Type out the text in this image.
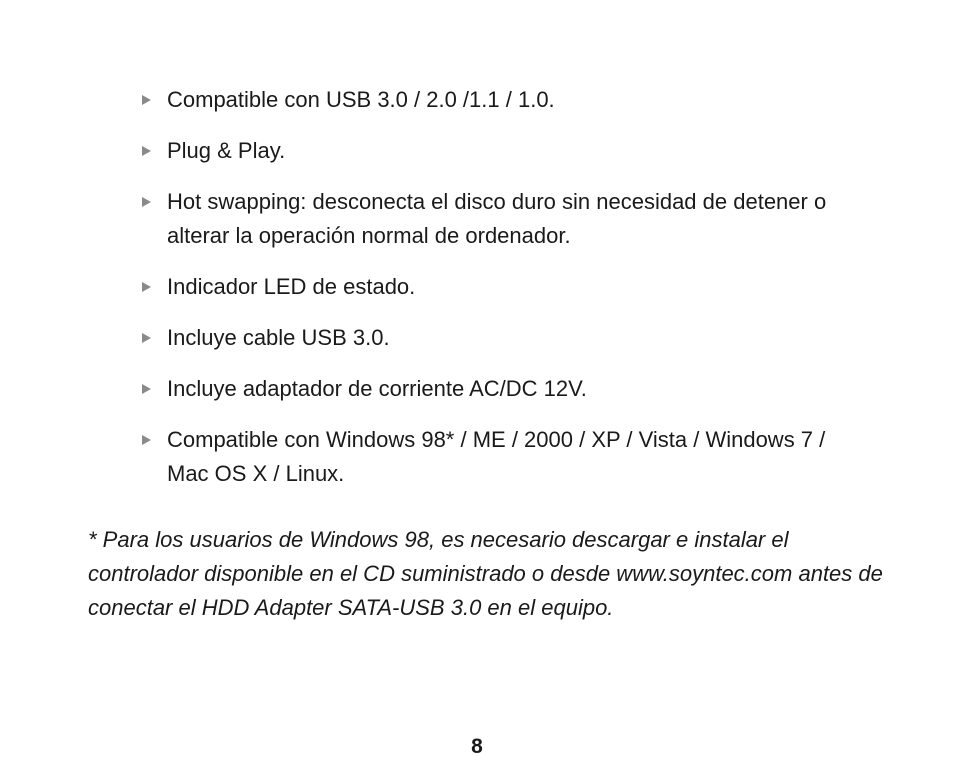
Compatible con USB 3.0 / 2.0 /1.1 / 1.0.
Plug & Play.
Hot swapping: desconecta el disco duro sin necesidad de detener o alterar la operación normal de ordenador.
Indicador LED de estado.
Incluye cable USB 3.0.
Incluye adaptador de corriente AC/DC 12V.
Compatible con Windows 98* / ME / 2000 / XP / Vista / Windows 7 / Mac OS X / Linux.

* Para los usuarios de Windows 98, es necesario descargar e instalar el controlador disponible en el CD suministrado o desde www.soyntec.com antes de conectar el HDD Adapter SATA-USB 3.0 en el equipo.

8
